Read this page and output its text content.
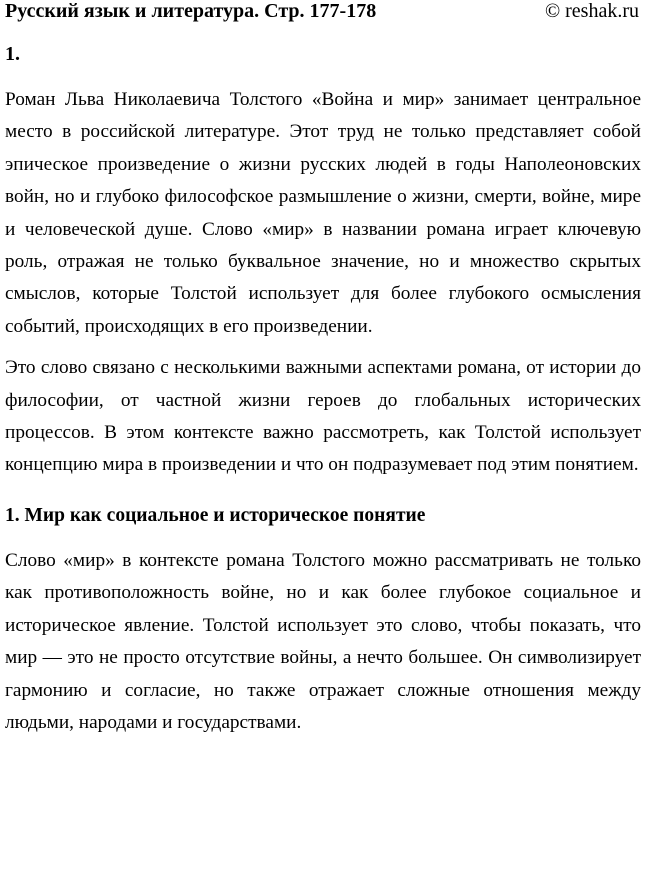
Русский язык и литература. Стр. 177-178	© reshak.ru
1.

Роман Льва Николаевича Толстого «Война и мир» занимает центральное место в российской литературе. Этот труд не только представляет собой эпическое произведение о жизни русских людей в годы Наполеоновских войн, но и глубоко философское размышление о жизни, смерти, войне, мире и человеческой душе. Слово «мир» в названии романа играет ключевую роль, отражая не только буквальное значение, но и множество скрытых смыслов, которые Толстой использует для более глубокого осмысления событий, происходящих в его произведении.

Это слово связано с несколькими важными аспектами романа, от истории до философии, от частной жизни героев до глобальных исторических процессов. В этом контексте важно рассмотреть, как Толстой использует концепцию мира в произведении и что он подразумевает под этим понятием.

1. Мир как социальное и историческое понятие

Слово «мир» в контексте романа Толстого можно рассматривать не только как противоположность войне, но и как более глубокое социальное и историческое явление. Толстой использует это слово, чтобы показать, что мир — это не просто отсутствие войны, а нечто большее. Он символизирует гармонию и согласие, но также отражает сложные отношения между людьми, народами и государствами.
